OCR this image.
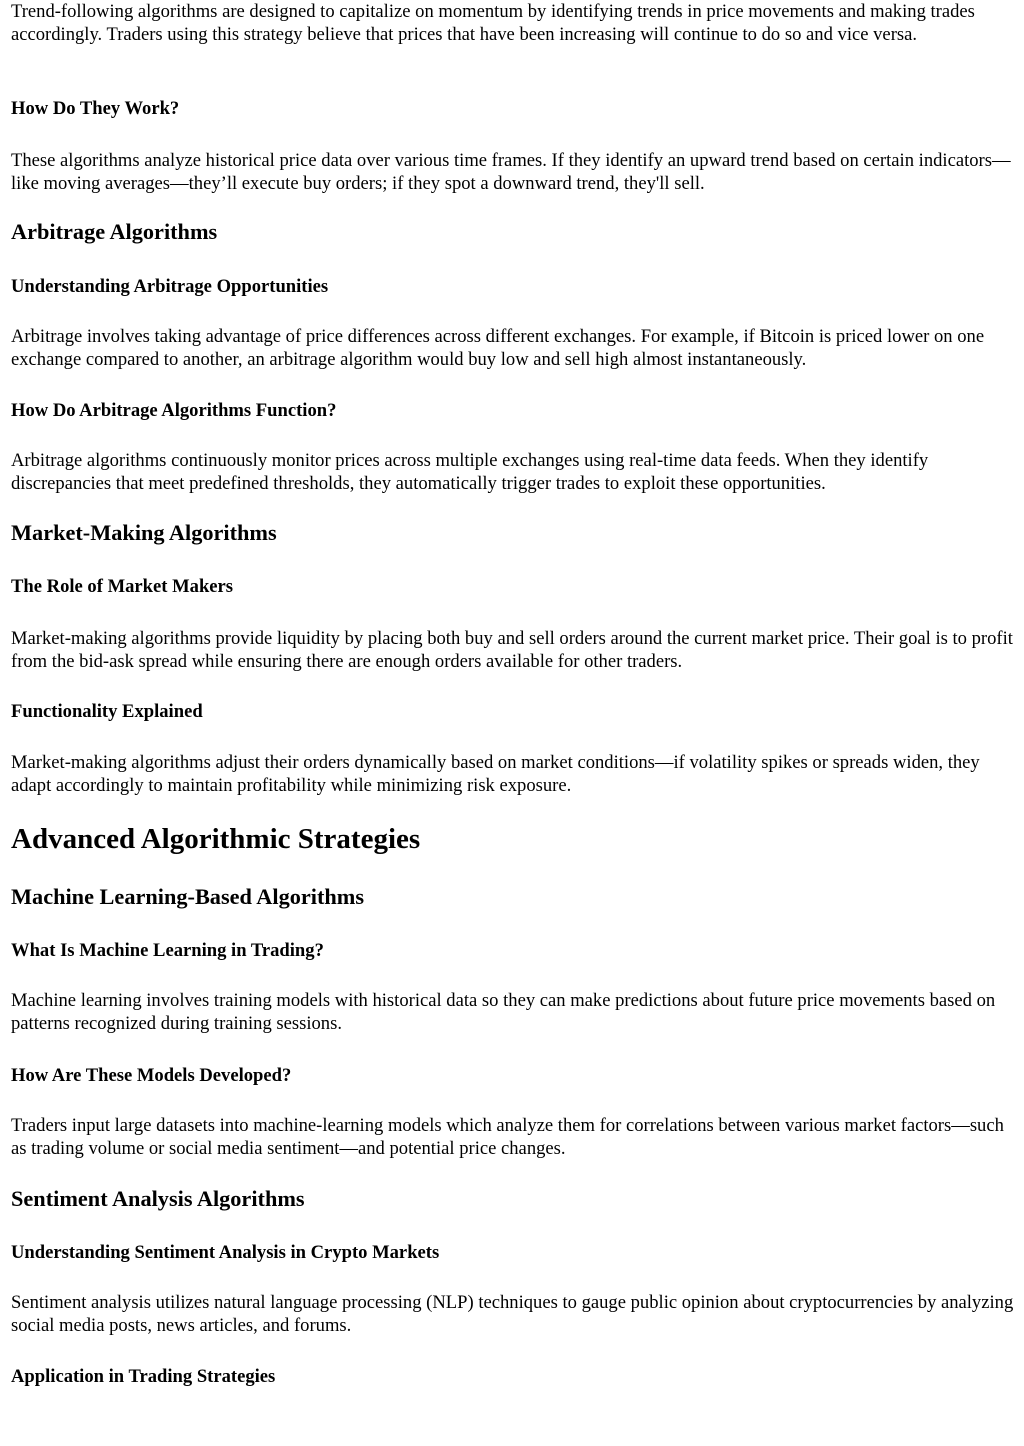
Trend-following algorithms are designed to capitalize on momentum by identifying trends in price movements and making trades accordingly. Traders using this strategy believe that prices that have been increasing will continue to do so and vice versa.

How Do They Work?

These algorithms analyze historical price data over various time frames. If they identify an upward trend based on certain indicators—like moving averages—they’ll execute buy orders; if they spot a downward trend, they'll sell.

Arbitrage Algorithms
Understanding Arbitrage Opportunities

Arbitrage involves taking advantage of price differences across different exchanges. For example, if Bitcoin is priced lower on one exchange compared to another, an arbitrage algorithm would buy low and sell high almost instantaneously.

How Do Arbitrage Algorithms Function?

Arbitrage algorithms continuously monitor prices across multiple exchanges using real-time data feeds. When they identify discrepancies that meet predefined thresholds, they automatically trigger trades to exploit these opportunities.

Market-Making Algorithms
The Role of Market Makers

Market-making algorithms provide liquidity by placing both buy and sell orders around the current market price. Their goal is to profit from the bid-ask spread while ensuring there are enough orders available for other traders.

Functionality Explained

Market-making algorithms adjust their orders dynamically based on market conditions—if volatility spikes or spreads widen, they adapt accordingly to maintain profitability while minimizing risk exposure.

Advanced Algorithmic Strategies
Machine Learning-Based Algorithms
What Is Machine Learning in Trading?

Machine learning involves training models with historical data so they can make predictions about future price movements based on patterns recognized during training sessions.

How Are These Models Developed?

Traders input large datasets into machine-learning models which analyze them for correlations between various market factors—such as trading volume or social media sentiment—and potential price changes.

Sentiment Analysis Algorithms
Understanding Sentiment Analysis in Crypto Markets

Sentiment analysis utilizes natural language processing (NLP) techniques to gauge public opinion about cryptocurrencies by analyzing social media posts, news articles, and forums.

Application in Trading Strategies
